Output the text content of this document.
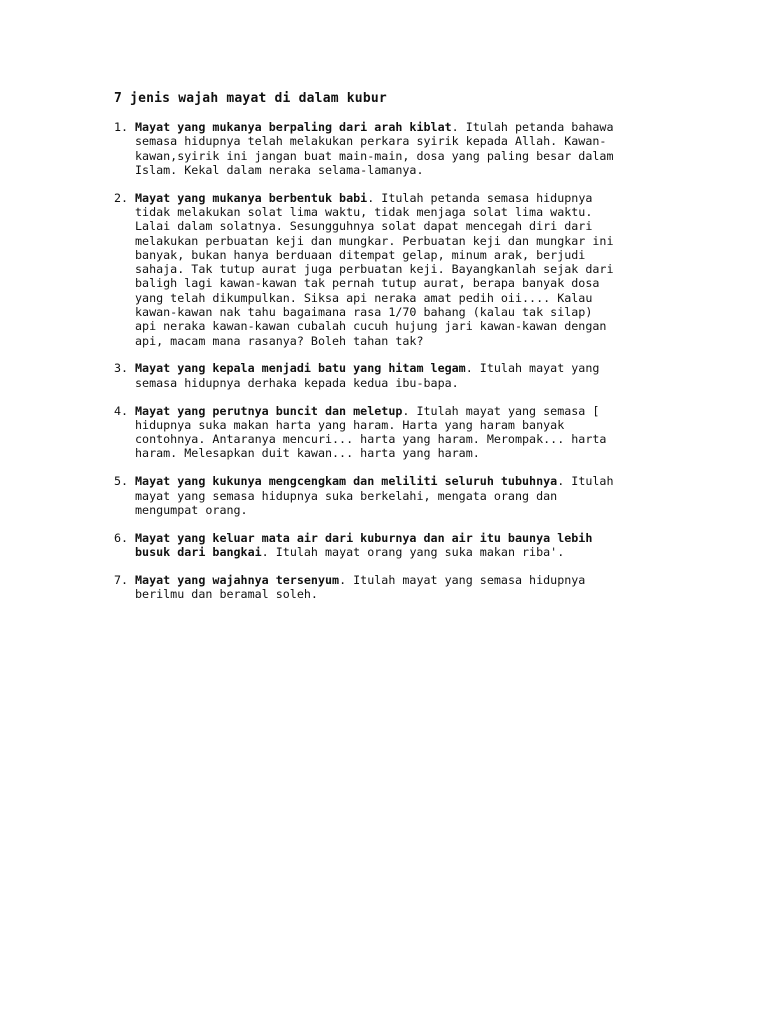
7 jenis wajah mayat di dalam kubur
1. Mayat yang mukanya berpaling dari arah kiblat. Itulah petanda bahawa
semasa hidupnya telah melakukan perkara syirik kepada Allah. Kawan-
kawan,syirik ini jangan buat main-main, dosa yang paling besar dalam
Islam. Kekal dalam neraka selama-lamanya.
2. Mayat yang mukanya berbentuk babi. Itulah petanda semasa hidupnya
tidak melakukan solat lima waktu, tidak menjaga solat lima waktu.
Lalai dalam solatnya. Sesungguhnya solat dapat mencegah diri dari
melakukan perbuatan keji dan mungkar. Perbuatan keji dan mungkar ini
banyak, bukan hanya berduaan ditempat gelap, minum arak, berjudi
sahaja. Tak tutup aurat juga perbuatan keji. Bayangkanlah sejak dari
baligh lagi kawan-kawan tak pernah tutup aurat, berapa banyak dosa
yang telah dikumpulkan. Siksa api neraka amat pedih oii.... Kalau
kawan-kawan nak tahu bagaimana rasa 1/70 bahang (kalau tak silap)
api neraka kawan-kawan cubalah cucuh hujung jari kawan-kawan dengan
api, macam mana rasanya? Boleh tahan tak?
3. Mayat yang kepala menjadi batu yang hitam legam. Itulah mayat yang
semasa hidupnya derhaka kepada kedua ibu-bapa.
4. Mayat yang perutnya buncit dan meletup. Itulah mayat yang semasa [
hidupnya suka makan harta yang haram. Harta yang haram banyak
contohnya. Antaranya mencuri... harta yang haram. Merompak... harta
haram. Melesapkan duit kawan... harta yang haram.
5. Mayat yang kukunya mengcengkam dan meliliti seluruh tubuhnya. Itulah
mayat yang semasa hidupnya suka berkelahi, mengata orang dan
mengumpat orang.
6. Mayat yang keluar mata air dari kuburnya dan air itu baunya lebih
busuk dari bangkai. Itulah mayat orang yang suka makan riba'.
7. Mayat yang wajahnya tersenyum. Itulah mayat yang semasa hidupnya
berilmu dan beramal soleh.
